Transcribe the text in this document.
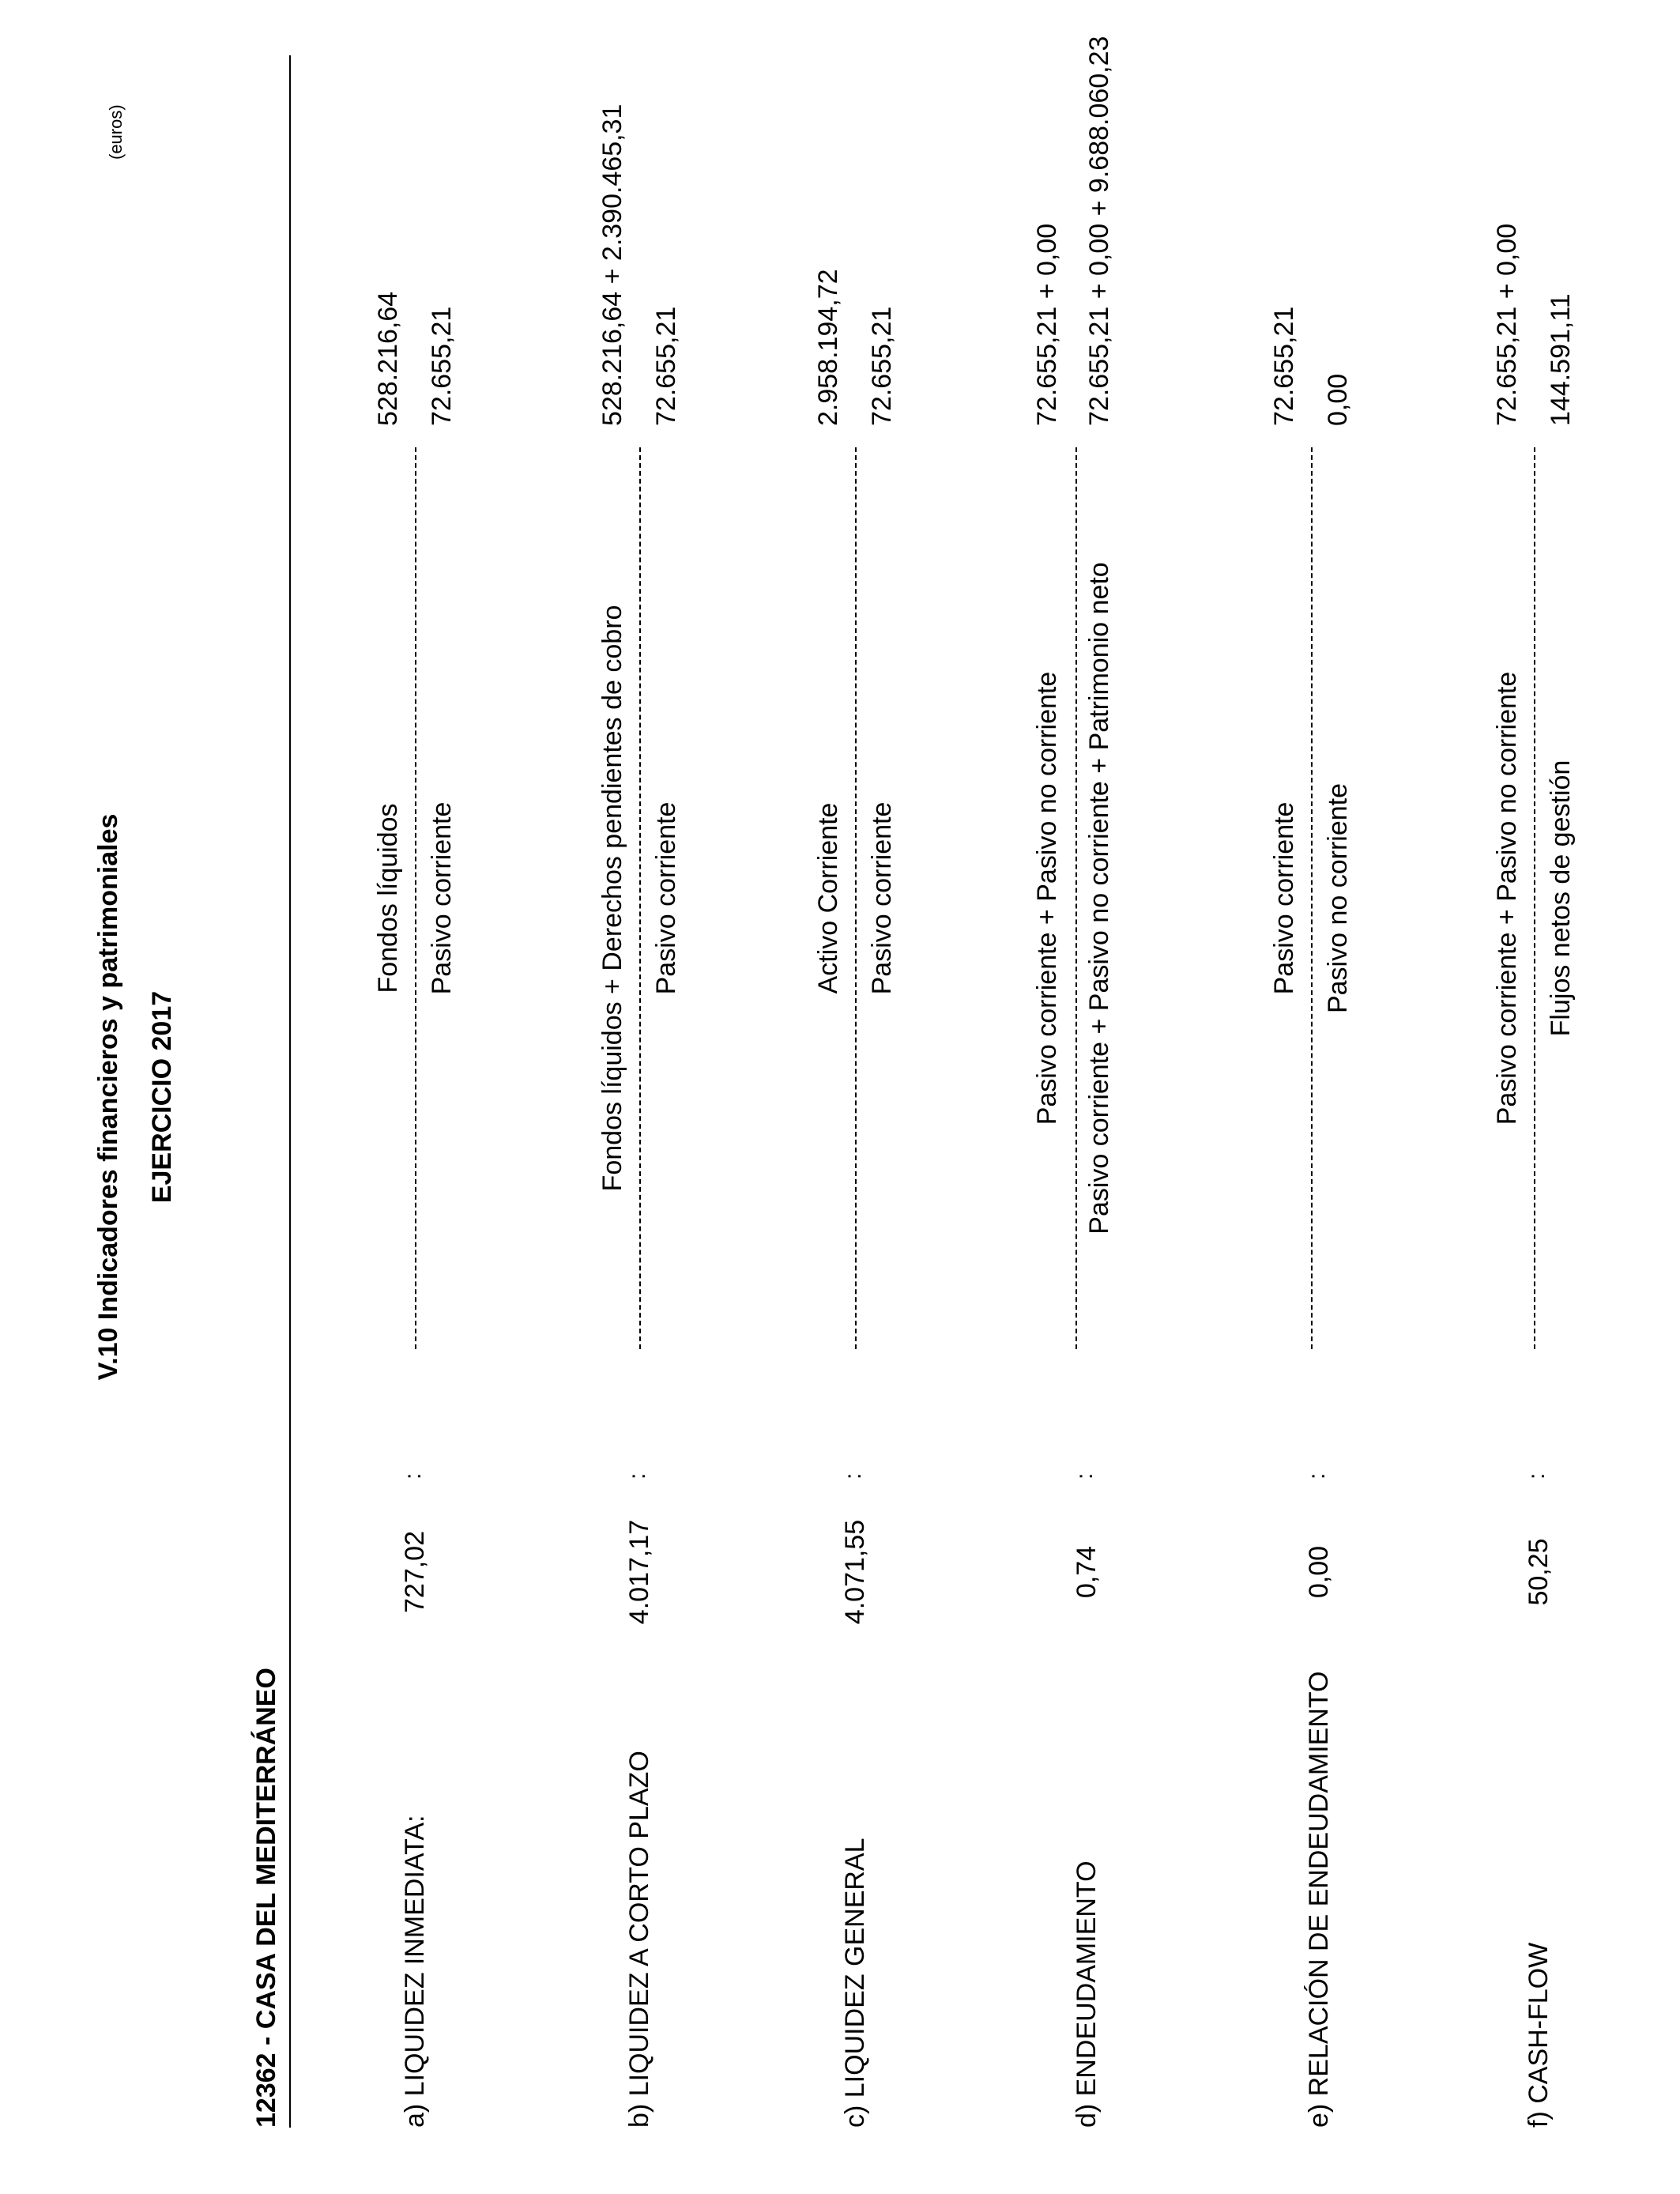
V.10 Indicadores financieros y patrimoniales EJERCICIO 2017
(euros)
12362 - CASA DEL MEDITERRÁNEO	a) LIQUIDEZ INMEDIATA:
727,02
:
Fondos líquidos Pasivo corriente
528.216,64 72.655,21
b) LIQUIDEZ A CORTO PLAZO
4.017,17
:
Fondos líquidos + Derechos pendientes de cobro Pasivo corriente
528.216,64 + 2.390.465,31 72.655,21
c) LIQUIDEZ GENERAL
4.071,55
:
Activo Corriente Pasivo corriente
2.958.194,72 72.655,21
d) ENDEUDAMIENTO
0,74
:
Pasivo corriente + Pasivo no corriente Pasivo corriente + Pasivo no corriente + Patrimonio neto
72.655,21 + 0,00 72.655,21 + 0,00 + 9.688.060,23
e) RELACIÓN DE ENDEUDAMIENTO
0,00
:
Pasivo corriente Pasivo no corriente
72.655,21 0,00
f) CASH-FLOW
50,25
:
Pasivo corriente + Pasivo no corriente Flujos netos de gestión
72.655,21 + 0,00 144.591,11
